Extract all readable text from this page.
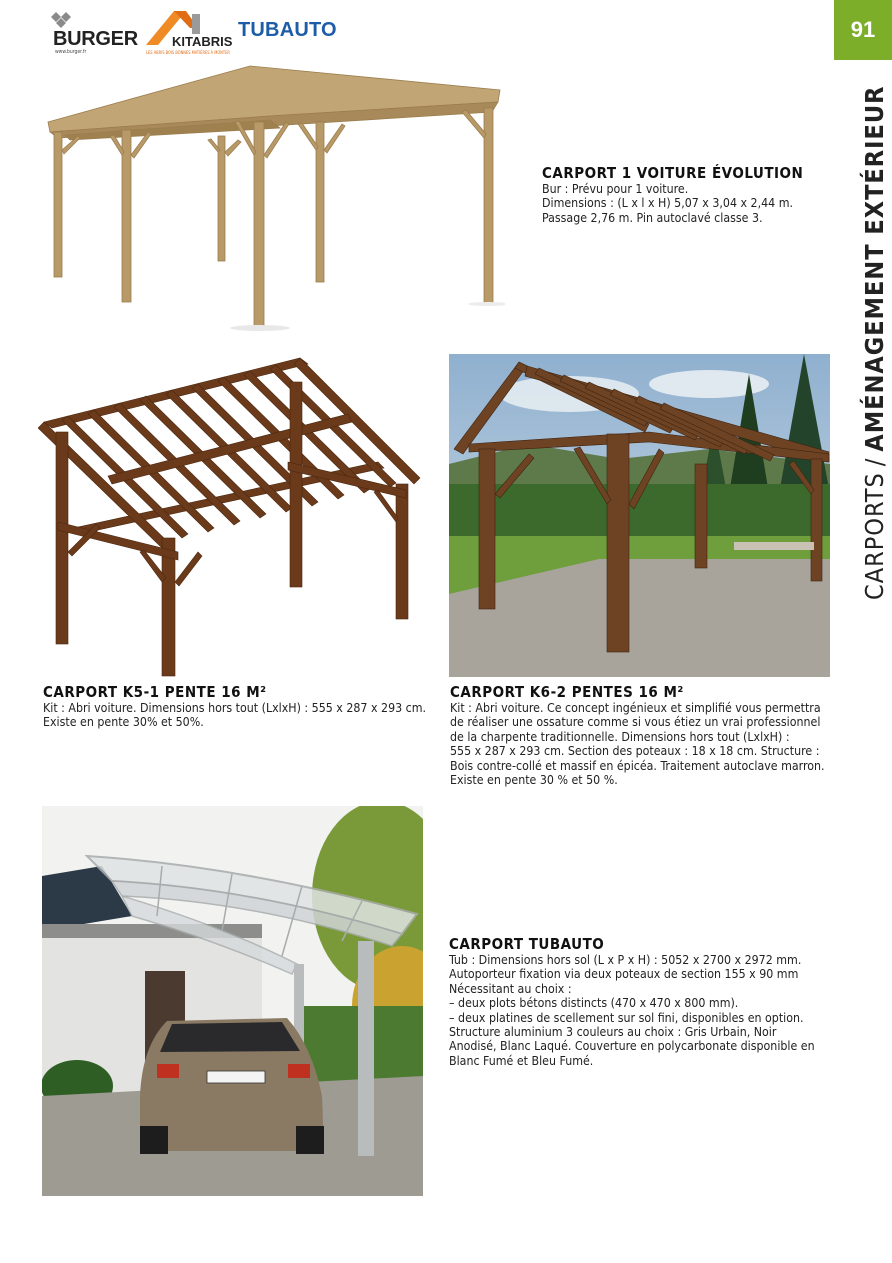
BURGER
www.burger.fr
KITABRIS
LES ABRIS BOIS BONNES MATIÈRES À MONTER
TUBAUTO	91
CARPORTS/AMÉNAGEMENT EXTÉRIEUR
CARPORT 1 VOITURE ÉVOLUTION

Bur : Prévu pour 1 voiture.
Dimensions : (L x l x H) 5,07 x 3,04 x 2,44 m.
Passage 2,76 m. Pin autoclavé classe 3.

CARPORT K5-1 PENTE 16 M²

Kit : Abri voiture. Dimensions hors tout (LxlxH) : 555 x 287 x 293 cm.
Existe en pente 30% et 50%.

CARPORT K6-2 PENTES 16 M²

Kit : Abri voiture. Ce concept ingénieux et simplifié vous permettra
de réaliser une ossature comme si vous étiez un vrai professionnel
de la charpente traditionnelle. Dimensions hors tout (LxlxH) :
555 x 287 x 293 cm. Section des poteaux : 18 x 18 cm. Structure :
Bois contre-collé et massif en épicéa. Traitement autoclave marron.
Existe en pente 30 % et 50 %.

CARPORT TUBAUTO

Tub : Dimensions hors sol (L x P x H) : 5052 x 2700 x 2972 mm.
Autoporteur fixation via deux poteaux de section 155 x 90 mm
Nécessitant au choix :
– deux plots bétons distincts (470 x 470 x 800 mm).
– deux platines de scellement sur sol fini, disponibles en option.
Structure aluminium 3 couleurs au choix : Gris Urbain, Noir
Anodisé, Blanc Laqué. Couverture en polycarbonate disponible en
Blanc Fumé et Bleu Fumé.
